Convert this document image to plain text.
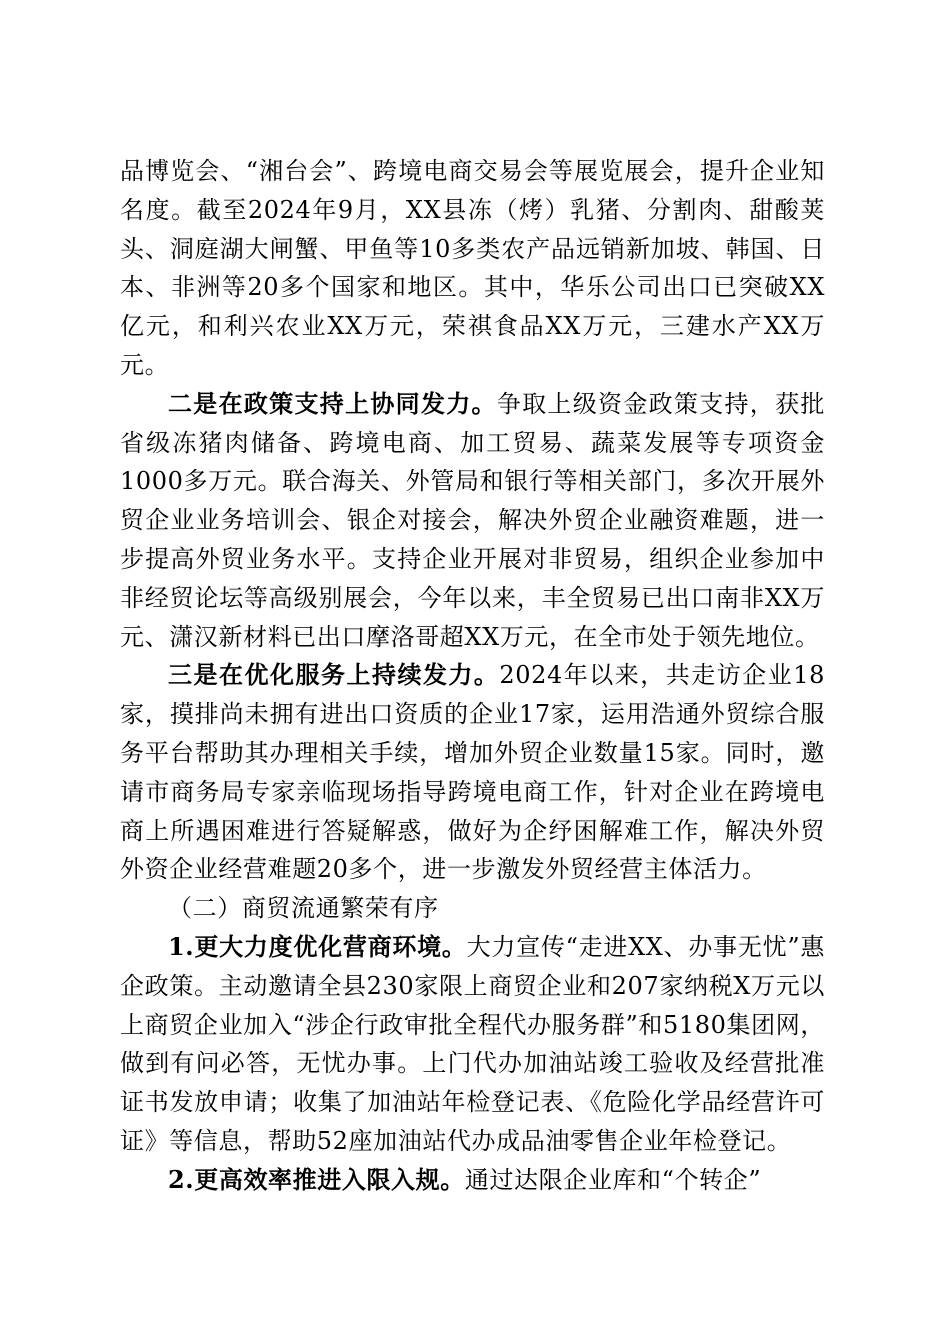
品博览会、“湘台会”、跨境电商交易会等展览展会，提升企业知名度。截至2024年9月，XX县冻（烤）乳猪、分割肉、甜酸荚头、洞庭湖大闸蟹、甲鱼等10多类农产品远销新加坡、韩国、日本、非洲等20多个国家和地区。其中，华乐公司出口已突破XX亿元，和利兴农业XX万元，荣祺食品XX万元，三建水产XX万元。

二是在政策支持上协同发力。争取上级资金政策支持，获批省级冻猪肉储备、跨境电商、加工贸易、蔬菜发展等专项资金1000多万元。联合海关、外管局和银行等相关部门，多次开展外贸企业业务培训会、银企对接会，解决外贸企业融资难题，进一步提高外贸业务水平。支持企业开展对非贸易，组织企业参加中非经贸论坛等高级别展会，今年以来，丰全贸易已出口南非XX万元、潇汉新材料已出口摩洛哥超XX万元，在全市处于领先地位。

三是在优化服务上持续发力。2024年以来，共走访企业18家，摸排尚未拥有进出口资质的企业17家，运用浩通外贸综合服务平台帮助其办理相关手续，增加外贸企业数量15家。同时，邀请市商务局专家亲临现场指导跨境电商工作，针对企业在跨境电商上所遇困难进行答疑解惑，做好为企纾困解难工作，解决外贸外资企业经营难题20多个，进一步激发外贸经营主体活力。

（二）商贸流通繁荣有序

1.更大力度优化营商环境。大力宣传“走进XX、办事无忧”惠企政策。主动邀请全县230家限上商贸企业和207家纳税X万元以上商贸企业加入“涉企行政审批全程代办服务群”和5180集团网，做到有问必答，无忧办事。上门代办加油站竣工验收及经营批准证书发放申请；收集了加油站年检登记表、《危险化学品经营许可证》等信息，帮助52座加油站代办成品油零售企业年检登记。

2.更高效率推进入限入规。通过达限企业库和“个转企”
